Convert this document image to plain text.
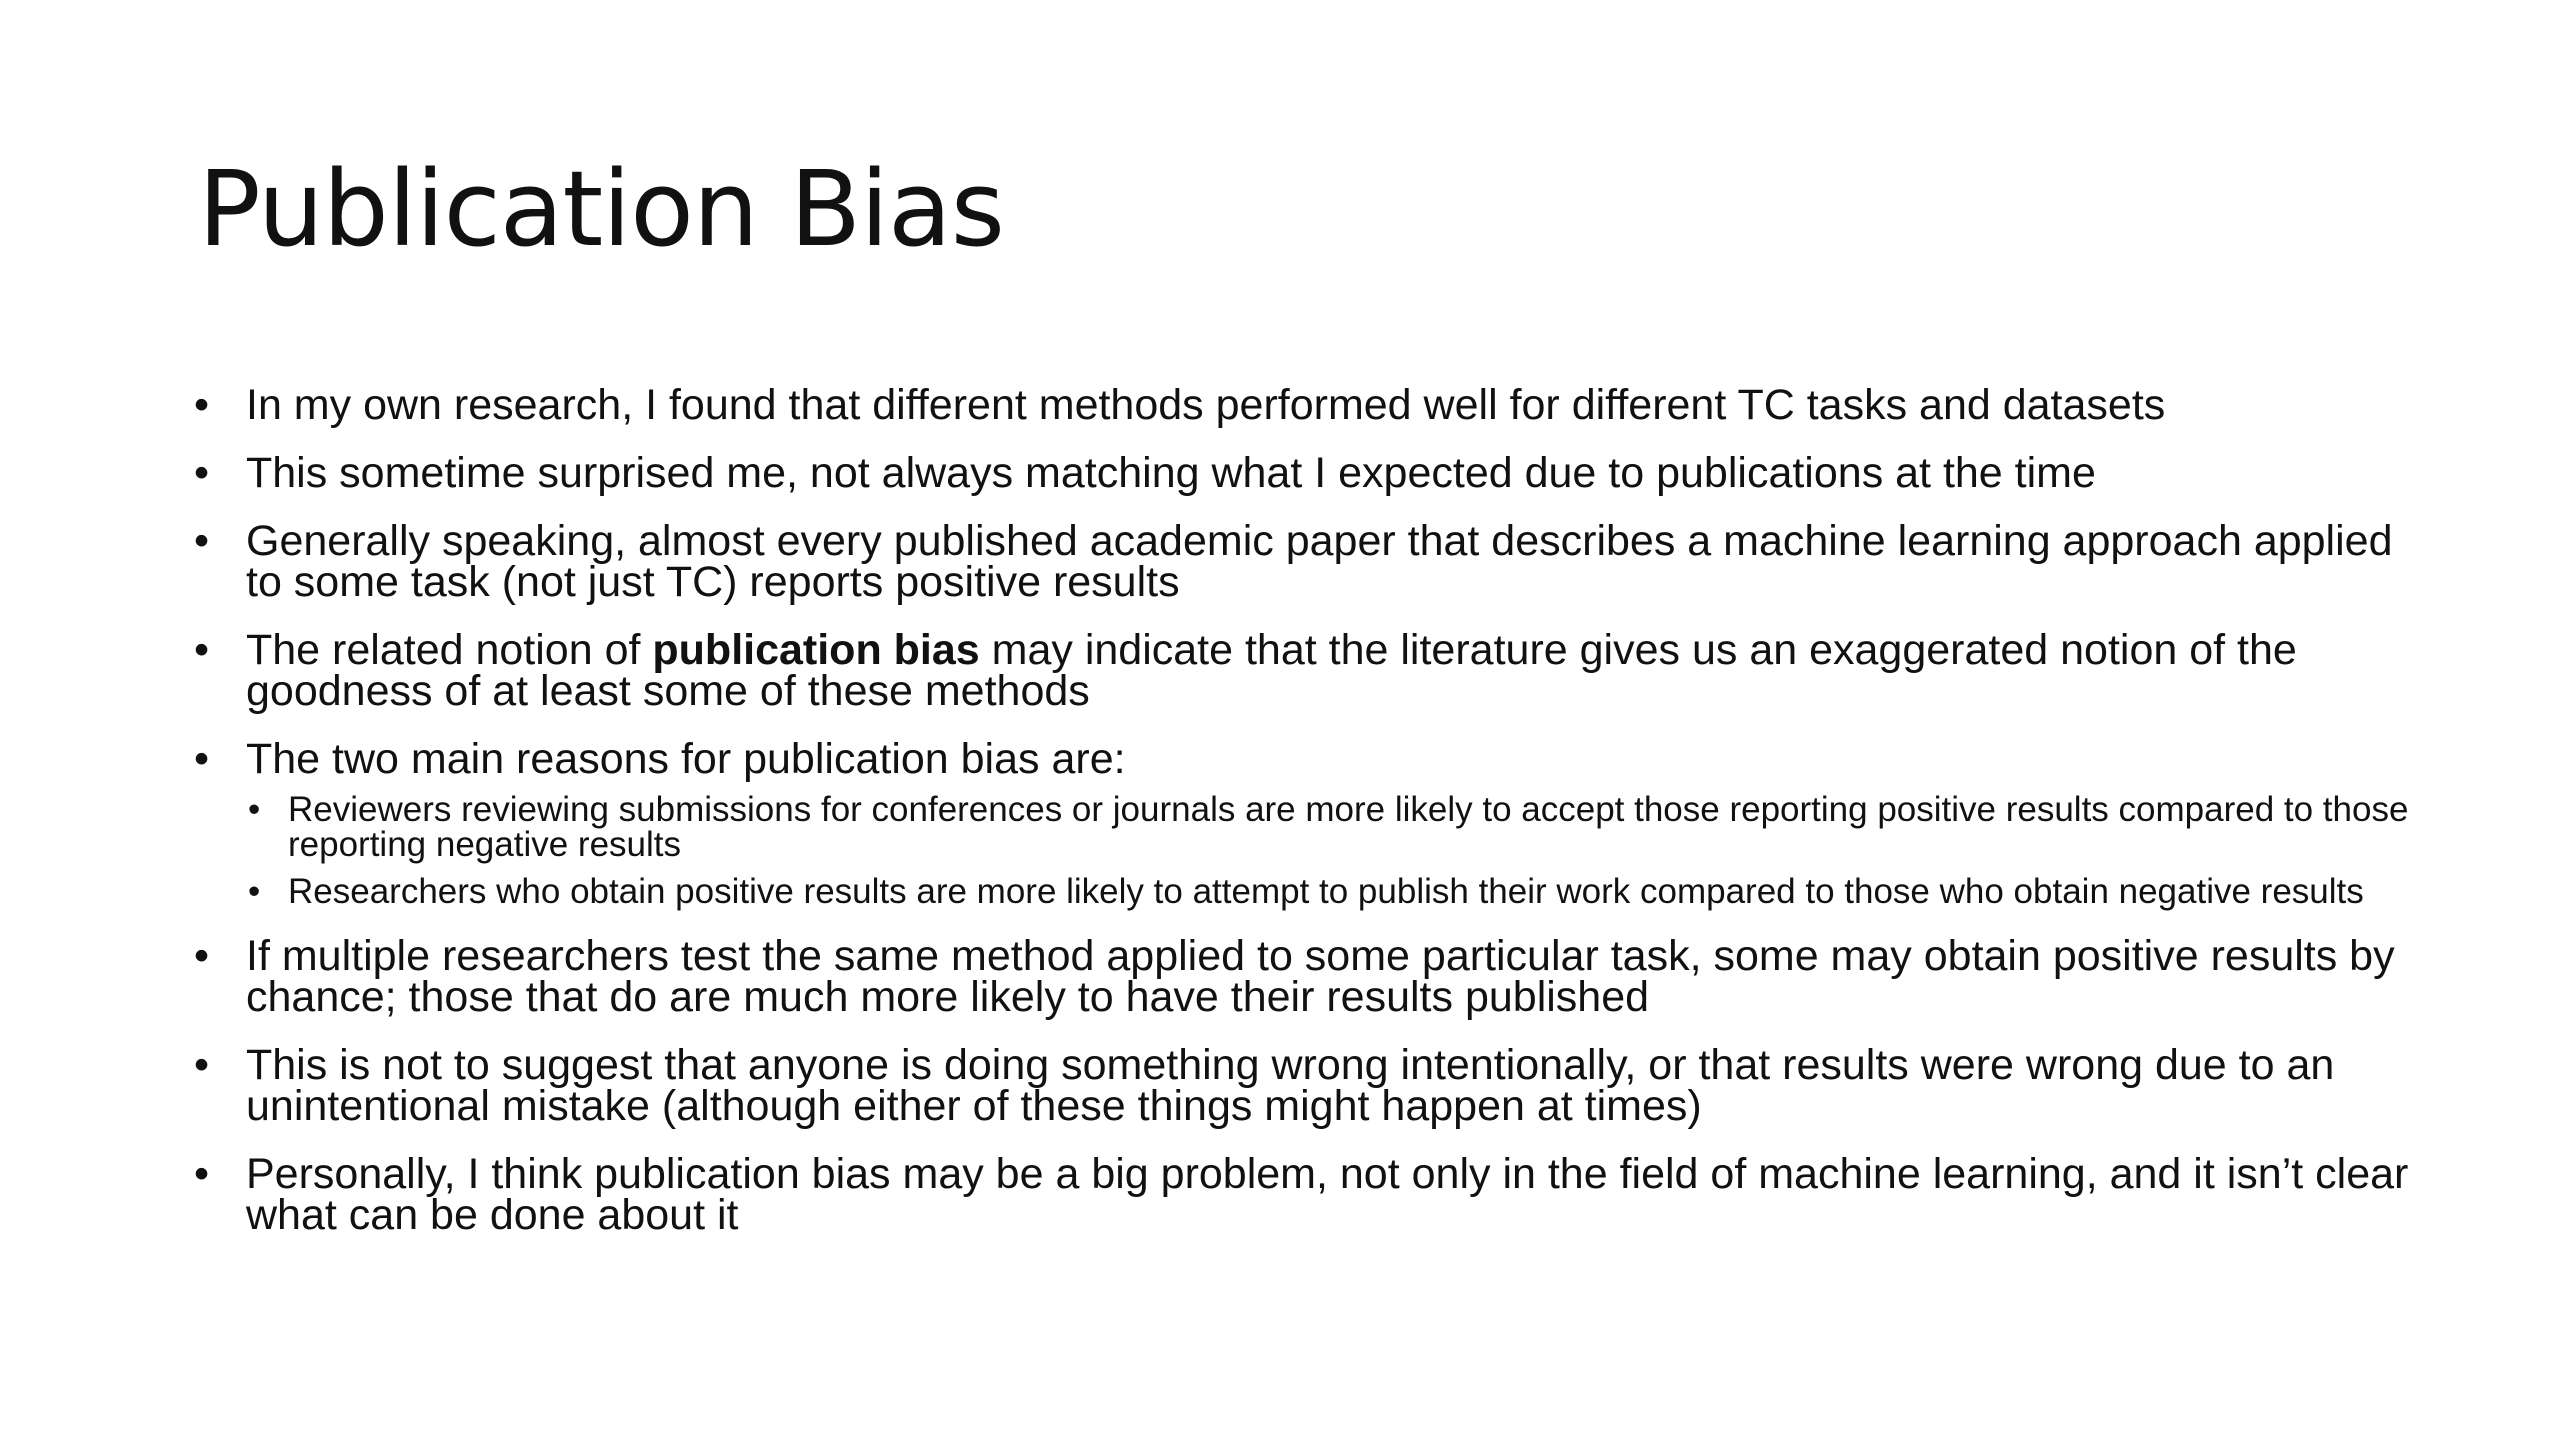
Publication Bias
• In my own research, I found that different methods performed well for different TC tasks and datasets
• This sometime surprised me, not always matching what I expected due to publications at the time
• Generally speaking, almost every published academic paper that describes a machine learning approach applied to some task (not just TC) reports positive results
• The related notion of publication bias may indicate that the literature gives us an exaggerated notion of the goodness of at least some of these methods
• The two main reasons for publication bias are:
• Reviewers reviewing submissions for conferences or journals are more likely to accept those reporting positive results compared to those reporting negative results
• Researchers who obtain positive results are more likely to attempt to publish their work compared to those who obtain negative results
• If multiple researchers test the same method applied to some particular task, some may obtain positive results by chance; those that do are much more likely to have their results published
• This is not to suggest that anyone is doing something wrong intentionally, or that results were wrong due to an unintentional mistake (although either of these things might happen at times)
• Personally, I think publication bias may be a big problem, not only in the field of machine learning, and it isn’t clear what can be done about it
